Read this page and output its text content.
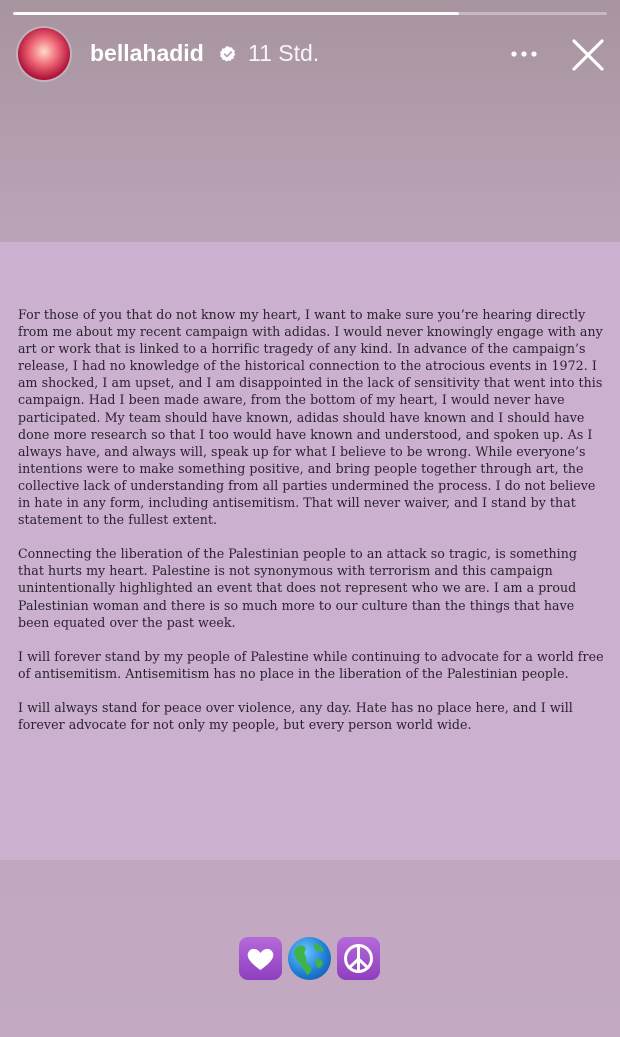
bellahadid 11 Std.

For those of you that do not know my heart, I want to make sure you’re hearing directly from me about my recent campaign with adidas. I would never knowingly engage with any art or work that is linked to a horrific tragedy of any kind. In advance of the campaign’s release, I had no knowledge of the historical connection to the atrocious events in 1972. I am shocked, I am upset, and I am disappointed in the lack of sensitivity that went into this campaign. Had I been made aware, from the bottom of my heart, I would never have participated. My team should have known, adidas should have known and I should have done more research so that I too would have known and understood, and spoken up. As I always have, and always will, speak up for what I believe to be wrong. While everyone’s intentions were to make something positive, and bring people together through art, the collective lack of understanding from all parties undermined the process. I do not believe in hate in any form, including antisemitism. That will never waiver, and I stand by that statement to the fullest extent.

Connecting the liberation of the Palestinian people to an attack so tragic, is something that hurts my heart. Palestine is not synonymous with terrorism and this campaign unintentionally highlighted an event that does not represent who we are. I am a proud Palestinian woman and there is so much more to our culture than the things that have been equated over the past week.

I will forever stand by my people of Palestine while continuing to advocate for a world free of antisemitism. Antisemitism has no place in the liberation of the Palestinian people.

I will always stand for peace over violence, any day. Hate has no place here, and I will forever advocate for not only my people, but every person world wide.
